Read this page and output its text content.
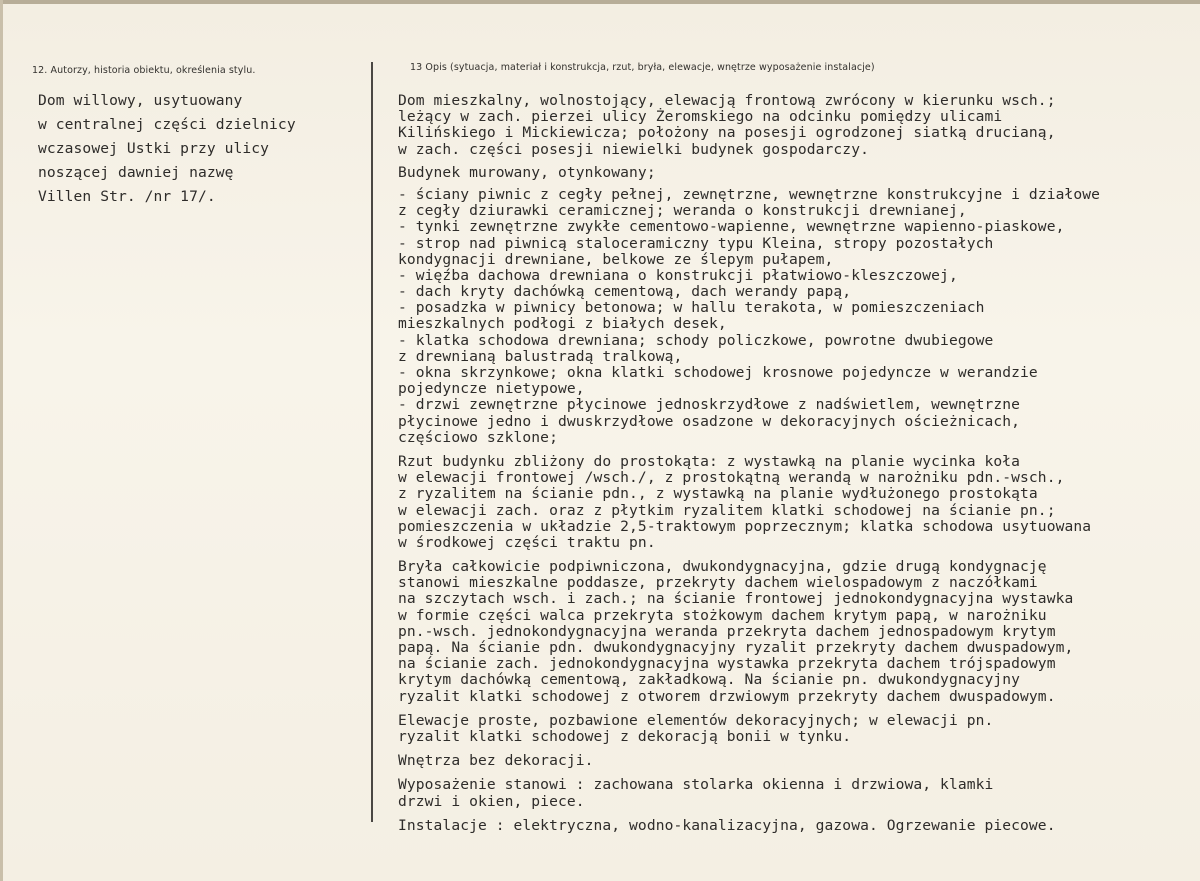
12. Autorzy, historia obiektu, określenia stylu.	13 Opis (sytuacja, materiał i konstrukcja, rzut, bryła, elewacje, wnętrze wyposażenie instalacje)
Dom willowy, usytuowany
w centralnej części dzielnicy
wczasowej Ustki przy ulicy
noszącej dawniej nazwę
Villen Str. /nr 17/.
Dom mieszkalny, wolnostojący, elewacją frontową zwrócony w kierunku wsch.;
leżący w zach. pierzei ulicy Żeromskiego na odcinku pomiędzy ulicami
Kilińskiego i Mickiewicza; położony na posesji ogrodzonej siatką drucianą,
w zach. części posesji niewielki budynek gospodarczy.
Budynek murowany, otynkowany;
- ściany piwnic z cegły pełnej, zewnętrzne, wewnętrzne konstrukcyjne i działowe
z cegły dziurawki ceramicznej; weranda o konstrukcji drewnianej,
- tynki zewnętrzne zwykłe cementowo-wapienne, wewnętrzne wapienno-piaskowe,
- strop nad piwnicą staloceramiczny typu Kleina, stropy pozostałych
kondygnacji drewniane, belkowe ze ślepym pułapem,
- więźba dachowa drewniana o konstrukcji płatwiowo-kleszczowej,
- dach kryty dachówką cementową, dach werandy papą,
- posadzka w piwnicy betonowa; w hallu terakota, w pomieszczeniach
mieszkalnych podłogi z białych desek,
- klatka schodowa drewniana; schody policzkowe, powrotne dwubiegowe
z drewnianą balustradą tralkową,
- okna skrzynkowe; okna klatki schodowej krosnowe pojedyncze w werandzie
pojedyncze nietypowe,
- drzwi zewnętrzne płycinowe jednoskrzydłowe z nadświetlem, wewnętrzne
płycinowe jedno i dwuskrzydłowe osadzone w dekoracyjnych ościeżnicach,
częściowo szklone;
Rzut budynku zbliżony do prostokąta: z wystawką na planie wycinka koła
w elewacji frontowej /wsch./, z prostokątną werandą w narożniku pdn.-wsch.,
z ryzalitem na ścianie pdn., z wystawką na planie wydłużonego prostokąta
w elewacji zach. oraz z płytkim ryzalitem klatki schodowej na ścianie pn.;
pomieszczenia w układzie 2,5-traktowym poprzecznym; klatka schodowa usytuowana
w środkowej części traktu pn.
Bryła całkowicie podpiwniczona, dwukondygnacyjna, gdzie drugą kondygnację
stanowi mieszkalne poddasze, przekryty dachem wielospadowym z naczółkami
na szczytach wsch. i zach.; na ścianie frontowej jednokondygnacyjna wystawka
w formie części walca przekryta stożkowym dachem krytym papą, w narożniku
pn.-wsch. jednokondygnacyjna weranda przekryta dachem jednospadowym krytym
papą. Na ścianie pdn. dwukondygnacyjny ryzalit przekryty dachem dwuspadowym,
na ścianie zach. jednokondygnacyjna wystawka przekryta dachem trójspadowym
krytym dachówką cementową, zakładkową. Na ścianie pn. dwukondygnacyjny
ryzalit klatki schodowej z otworem drzwiowym przekryty dachem dwuspadowym.
Elewacje proste, pozbawione elementów dekoracyjnych; w elewacji pn.
ryzalit klatki schodowej z dekoracją bonii w tynku.
Wnętrza bez dekoracji.
Wyposażenie stanowi : zachowana stolarka okienna i drzwiowa, klamki
drzwi i okien, piece.
Instalacje : elektryczna, wodno-kanalizacyjna, gazowa. Ogrzewanie piecowe.
